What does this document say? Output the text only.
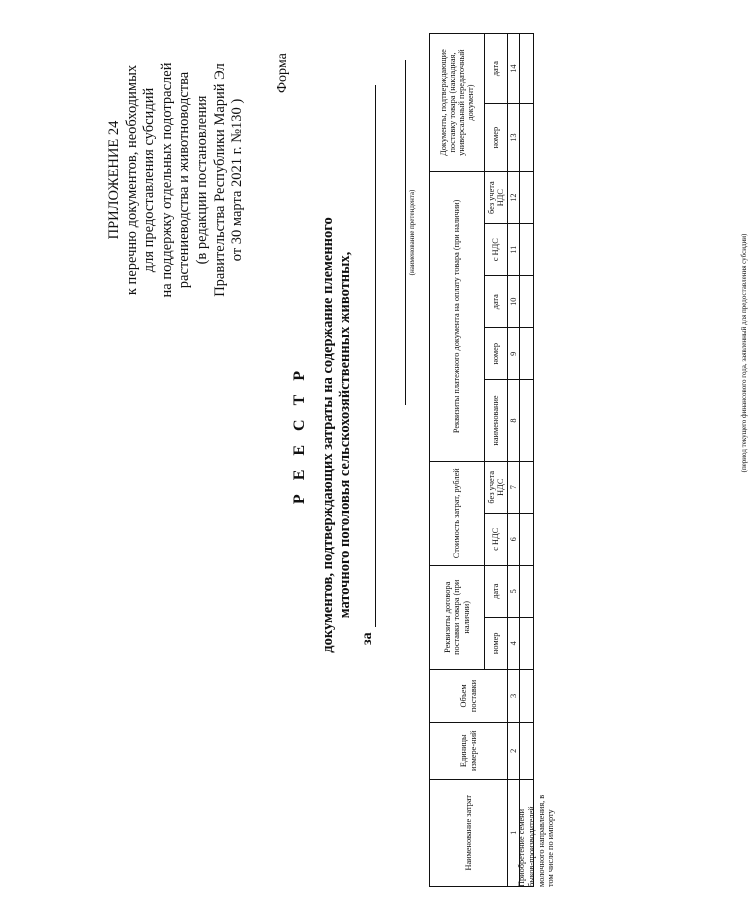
ПРИЛОЖЕНИЕ 24 к перечню документов, необходимых для предоставления субсидий на поддержку отдельных подотраслей растениеводства и животноводства (в редакции постановления Правительства Республики Марий Эл от 30 марта 2021 г. №130 )
Форма
Р Е Е С Т Р документов, подтверждающих затраты на содержание племенного маточного поголовья сельскохозяйственных животных,
за
(период текущего финансового года, заявленный для предоставления субсидии)
(наименование претендента)
Наименование затрат	Единицы измере-ний	Объем поставки	Реквизиты договора поставки товара (при наличии)		Стоимость затрат, рублей		Реквизиты платежного документа на оплату товара (при наличии)					Документы, подтверждающие поставку товара (накладная, универсальный передаточный документ)	
			номер	дата	с НДС	без учета НДС	наименование	номер	дата	с НДС	без учета НДС	номер	дата
1	2	3	4	5	6	7	8	9	10	11	12	13	14

Приобретение семени быков-производителей молочного направления, в том числе по импорту
